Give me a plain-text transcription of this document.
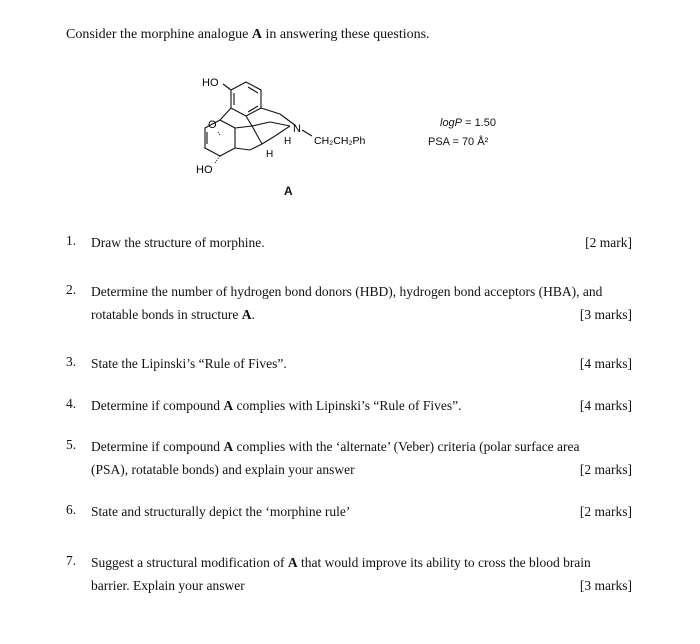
Consider the morphine analogue A in answering these questions.
HO
O	N
CH₂CH₂Ph
H
H
HO
logP = 1.50
PSA = 70 Å²
A
1. Draw the structure of morphine.	[2 mark]
2. Determine the number of hydrogen bond donors (HBD), hydrogen bond acceptors (HBA), and
rotatable bonds in structure A.	[3 marks]
3. State the Lipinski’s “Rule of Fives”.	[4 marks]
4. Determine if compound A complies with Lipinski’s “Rule of Fives”.	[4 marks]
5. Determine if compound A complies with the ‘alternate’ (Veber) criteria (polar surface area
(PSA), rotatable bonds) and explain your answer	[2 marks]
6. State and structurally depict the ‘morphine rule’	[2 marks]
7. Suggest a structural modification of A that would improve its ability to cross the blood brain
barrier. Explain your answer	[3 marks]
